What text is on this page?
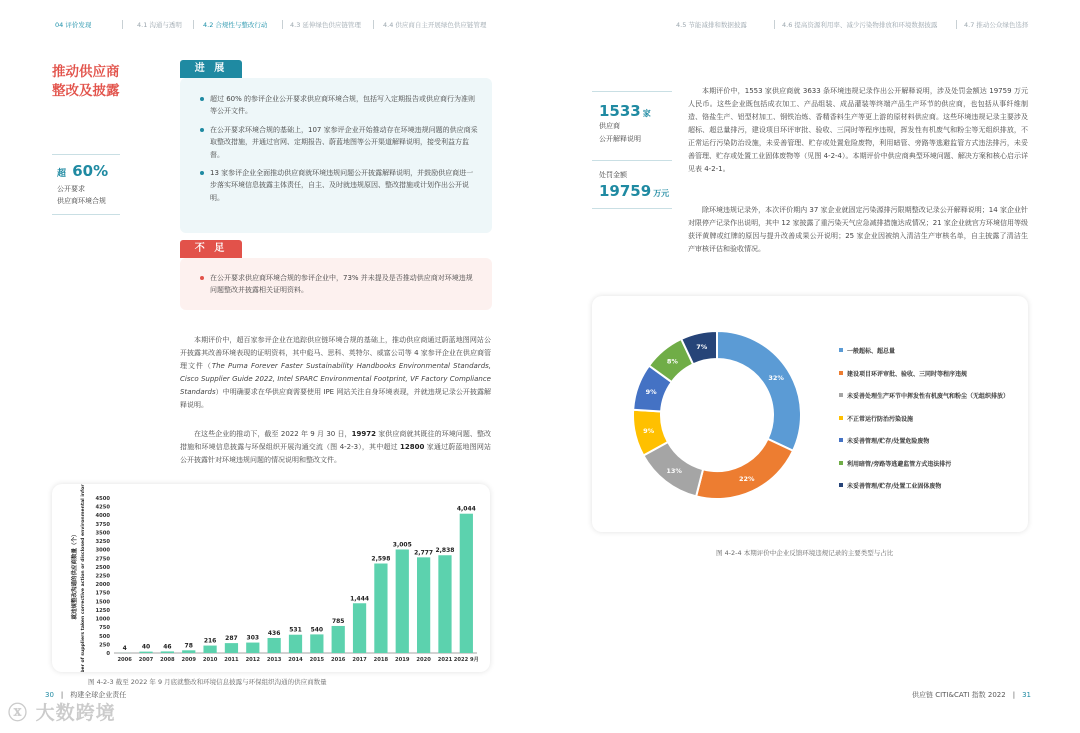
04 评价发现	4.1 沟通与透明	4.2 合规性与整改行动	4.3 延伸绿色供应链管理	4.4 供应商自主开展绿色供应链管理	4.5 节能减排和数据披露	4.6 提高资源利用率、减少污染物排放和环境数据披露	4.7 推动公众绿色选择
推动供应商
整改及披露
超 60%
公开要求
供应商环境合规
进 展
超过 60% 的参评企业公开要求供应商环境合规，包括写入定期报告或供应商行为准则等公开文件。
在公开要求环境合规的基础上，107 家参评企业开始推动存在环境违规问题的供应商采取整改措施，并通过官网、定期报告、蔚蓝地图等公开渠道解释说明，接受利益方监督。
13 家参评企业全面推动供应商就环境违规问题公开披露解释说明，并鼓励供应商进一步落实环境信息披露主体责任，自主、及时就违规原因、整改措施或计划作出公开说明。
不 足
在公开要求供应商环境合规的参评企业中，73% 并未提及是否推动供应商对环境违规问题整改并披露相关证明资料。
本期评价中，超百家参评企业在追踪供应链环境合规的基础上，推动供应商通过蔚蓝地图网站公开披露其改善环境表现的证明资料，其中彪马、思科、英特尔、威富公司等 4 家参评企业在供应商管理文件（The Puma Forever Faster Sustainability Handbooks Environmental Standards, Cisco Supplier Guide 2022, Intel SPARC Environmental Footprint, VF Factory Compliance Standards）中明确要求在华供应商需要使用 IPE 网站关注自身环境表现，并就违规记录公开披露解释说明。
在这些企业的推动下，截至 2022 年 9 月 30 日，19972 家供应商就其既往的环境问题、整改措施和环境信息披露与环保组织开展沟通交流（图 4-2-3），其中超过 12800 家通过蔚蓝地图网站公开披露针对环境违规问题的情况说明和整改文件。
0
250
500
750
1000
1250
1500
1750
2000
2250
2500
2750
3000
3250
3500
3750
4000
4250
4500
4
2006
40
2007
46
2008
78
2009
216
2010
287
2011
303
2012
436
2013
531
2014
540
2015
785
2016
1,444
2017
2,598
2018
3,005
2019
2,777
2020
2,838
2021
4,044
2022 9月
就违规整改沟通的供应商数量（个） Number of suppliers taken corrective action or disclosed environmental information 图 4-2-3 截至 2022 年 9 月底就整改和环境信息披露与环保组织沟通的供应商数量
1533 家
供应商
公开解释说明
处罚金额
19759 万元
本期评价中，1553 家供应商就 3633 条环境违规记录作出公开解释说明，涉及处罚金额达 19759 万元人民币。这些企业既包括成衣加工、产品组装、成品灌装等终端产品生产环节的供应商，也包括从事纤维制造、铬盐生产、铝型材加工、钢铁冶炼、香精香料生产等更上游的原材料供应商。这些环境违规记录主要涉及超标、超总量排污，建设项目环评审批、验收、三同时等程序违规，挥发性有机废气和粉尘等无组织排放，不正常运行污染防治设施，未妥善管理、贮存或处置危险废物，利用暗管、旁路等逃避监管方式违法排污，未妥善管理、贮存或处置工业固体废物等（见图 4-2-4）。本期评价中供应商典型环境问题、解决方案和核心启示详见表 4-2-1。
除环境违规记录外，本次评价期内 37 家企业就固定污染源排污限期整改记录公开解释说明；14 家企业针对限停产记录作出说明，其中 12 家披露了重污染天气应急减排措施达成情况；21 家企业就官方环境信用等级获评黄牌或红牌的原因与提升改善成果公开说明；25 家企业因被纳入清洁生产审核名单，自主披露了清洁生产审核评估和验收情况。
32%
22%
13%
9%
9%
8%
7%
一般超标、超总量
建设项目环评审批、验收、三同时等程序违规
未妥善处理生产环节中挥发性有机废气和粉尘（无组织排放）
不正常运行防治污染设施
未妥善管理/贮存/处置危险废物
利用暗管/旁路等逃避监管方式违法排污
未妥善管理/贮存/处置工业固体废物
图 4-2-4 本期评价中企业反馈环境违规记录的主要类型与占比
30　|　构建全球企业责任	供应链 CITI&CATI 指数 2022　|　31
ⓧ 大数跨境
